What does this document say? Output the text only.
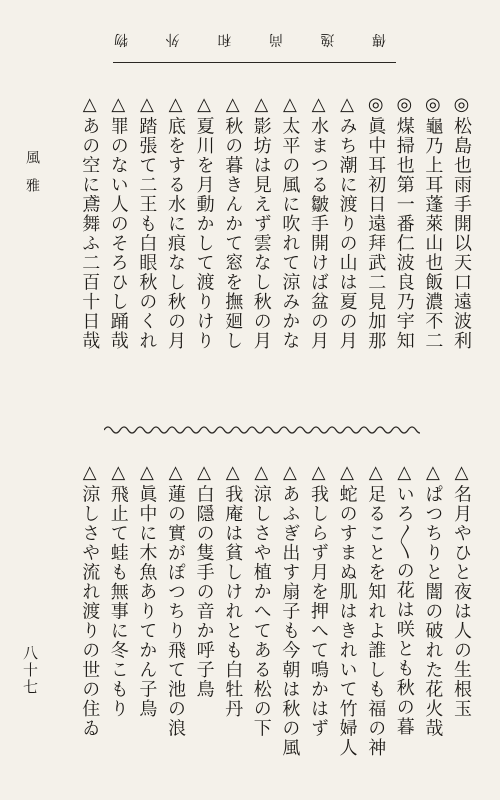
傳
逸
尚
和
外
物
◎松島也雨手開以天口遠波利
◎龜乃上耳蓬萊山也飯濃不二
◎煤掃也第一番仁波良乃宇知
◎眞中耳初日遠拜武二見加那
△みち潮に渡りの山は夏の月
△水まつる皺手開けば盆の月
△太平の風に吹れて涼みかな
△影坊は見えず雲なし秋の月
△秋の暮きんかて窓を撫廻し
△夏川を月動かして渡りけり
△底をする水に痕なし秋の月
△踏張て二王も白眼秋のくれ
△罪のない人のそろひし踊哉
△あの空に鳶舞ふ二百十日哉
風雅
△名月やひと夜は人の生根玉
△ぱつちりと闇の破れた花火哉
△いろ〱の花は咲とも秋の暮
△足ることを知れよ誰しも福の神
△蛇のすまぬ肌はきれいて竹婦人
△我しらず月を押へて鳴かはず
△あふぎ出す扇子も今朝は秋の風
△涼しさや植かへてある松の下
△我庵は貧しけれとも白牡丹
△白隱の隻手の音か呼子鳥
△蓮の實がぽつちり飛て池の浪
△眞中に木魚ありてかん子鳥
△飛止て蛙も無事に冬こもり
△涼しさや流れ渡りの世の住ゐ
八十七
